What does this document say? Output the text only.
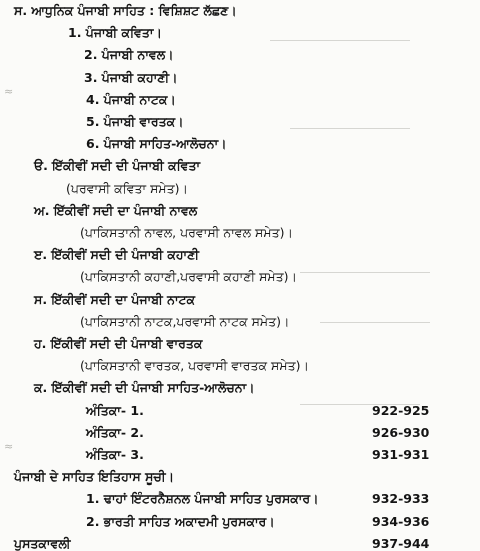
≈
≈
ਸ. ਆਧੁਨਿਕ ਪੰਜਾਬੀ ਸਾਹਿਤ : ਵਿਸ਼ਿਸ਼ਟ ਲੱਛਣ।
1. ਪੰਜਾਬੀ ਕਵਿਤਾ।
2. ਪੰਜਾਬੀ ਨਾਵਲ।
3. ਪੰਜਾਬੀ ਕਹਾਣੀ।
4. ਪੰਜਾਬੀ ਨਾਟਕ।
5. ਪੰਜਾਬੀ ਵਾਰਤਕ।
6. ਪੰਜਾਬੀ ਸਾਹਿਤ-ਆਲੋਚਨਾ।
ੳ. ਇੱਕੀਵੀਂ ਸਦੀ ਦੀ ਪੰਜਾਬੀ ਕਵਿਤਾ
(ਪਰਵਾਸੀ ਕਵਿਤਾ ਸਮੇਤ)।
ਅ. ਇੱਕੀਵੀਂ ਸਦੀ ਦਾ ਪੰਜਾਬੀ ਨਾਵਲ
(ਪਾਕਿਸਤਾਨੀ ਨਾਵਲ, ਪਰਵਾਸੀ ਨਾਵਲ ਸਮੇਤ)।
ੲ. ਇੱਕੀਵੀਂ ਸਦੀ ਦੀ ਪੰਜਾਬੀ ਕਹਾਣੀ
(ਪਾਕਿਸਤਾਨੀ ਕਹਾਣੀ,ਪਰਵਾਸੀ ਕਹਾਣੀ ਸਮੇਤ)।
ਸ. ਇੱਕੀਵੀਂ ਸਦੀ ਦਾ ਪੰਜਾਬੀ ਨਾਟਕ
(ਪਾਕਿਸਤਾਨੀ ਨਾਟਕ,ਪਰਵਾਸੀ ਨਾਟਕ ਸਮੇਤ)।
ਹ. ਇੱਕੀਵੀਂ ਸਦੀ ਦੀ ਪੰਜਾਬੀ ਵਾਰਤਕ
(ਪਾਕਿਸਤਾਨੀ ਵਾਰਤਕ, ਪਰਵਾਸੀ ਵਾਰਤਕ ਸਮੇਤ)।
ਕ. ਇੱਕੀਵੀਂ ਸਦੀ ਦੀ ਪੰਜਾਬੀ ਸਾਹਿਤ-ਆਲੋਚਨਾ।
ਅੰਤਿਕਾ- 1.	922-925
ਅੰਤਿਕਾ- 2.	926-930
ਅੰਤਿਕਾ- 3.	931-931
ਪੰਜਾਬੀ ਦੇ ਸਾਹਿਤ ਇਤਿਹਾਸ ਸੂਚੀ।
1. ਢਾਹਾਂ ਇੰਟਰਨੈਸ਼ਨਲ ਪੰਜਾਬੀ ਸਾਹਿਤ ਪੁਰਸਕਾਰ।	932-933
2. ਭਾਰਤੀ ਸਾਹਿਤ ਅਕਾਦਮੀ ਪੁਰਸਕਾਰ।	934-936
ਪੁਸਤਕਾਵਲੀ	937-944
